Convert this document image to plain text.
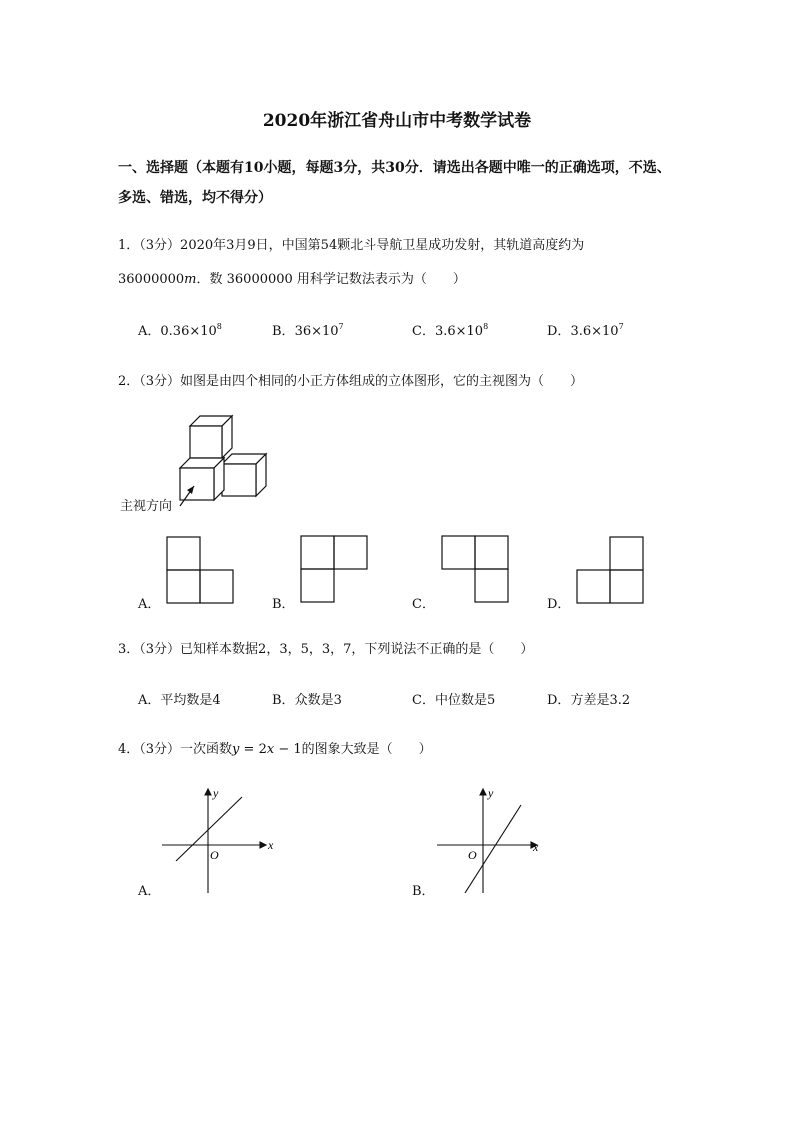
2020年浙江省舟山市中考数学试卷
一、选择题（本题有10小题，每题3分，共30分．请选出各题中唯一的正确选项，不选、
多选、错选，均不得分）
1．（3分）2020年3月9日，中国第54颗北斗导航卫星成功发射，其轨道高度约为
36000000m．数 36000000 用科学记数法表示为（　　）
A．$0.36\times 10^8$	B．$36\times 10^7$	C．$3.6\times 10^8$	D．$3.6\times 10^7$
2．（3分）如图是由四个相同的小正方体组成的立体图形，它的主视图为（　　）
主视方向
A．	B．	C．	D．
3．（3分）已知样本数据2，3，5，3，7，下列说法不正确的是（　　）
A．平均数是4	B．众数是3	C．中位数是5	D．方差是3.2
4．（3分）一次函数y = 2x − 1的图象大致是（　　）
A．
x
y
O
B．
x
y
O
